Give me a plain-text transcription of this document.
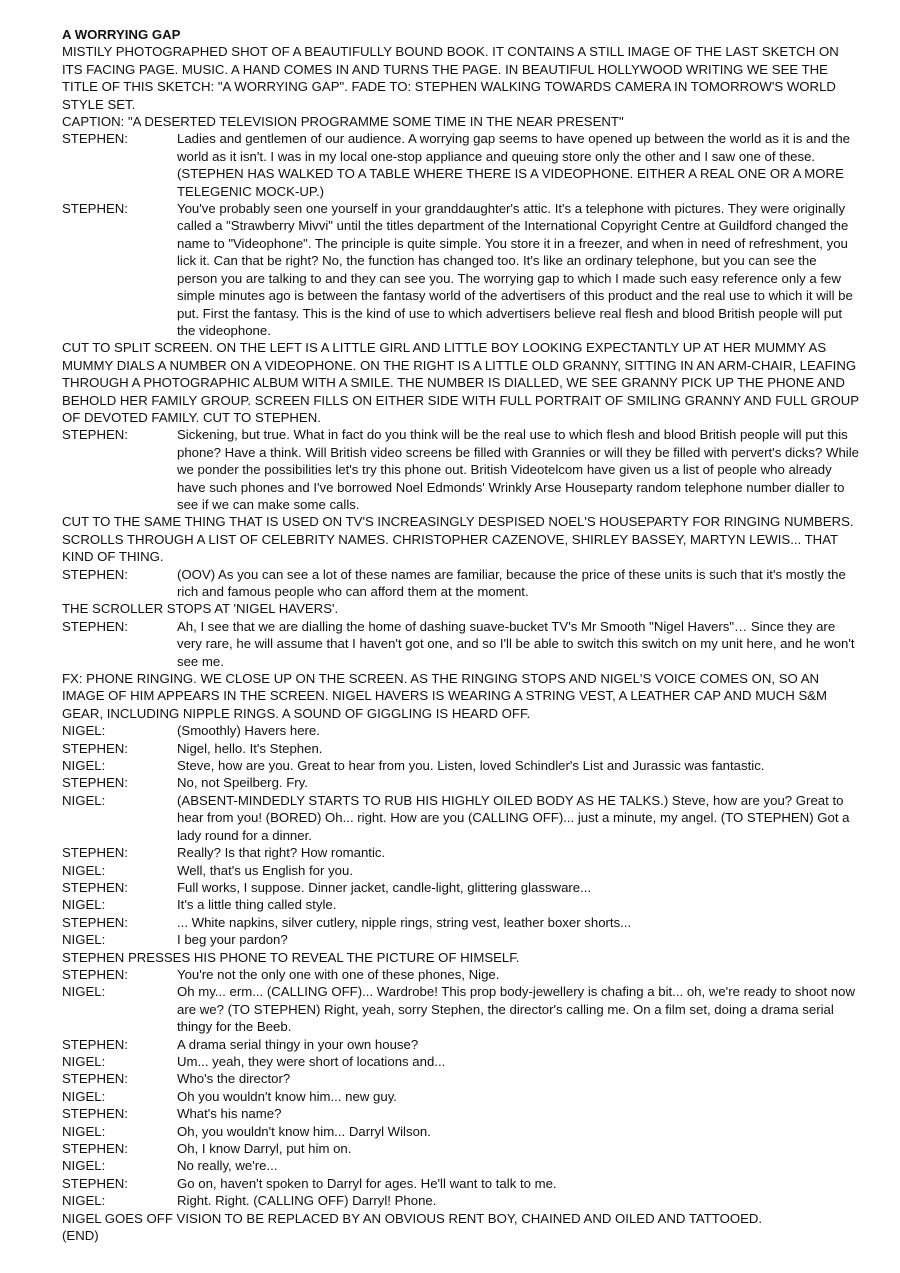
A WORRYING GAP
MISTILY PHOTOGRAPHED SHOT OF A BEAUTIFULLY BOUND BOOK. IT CONTAINS A STILL IMAGE OF THE LAST SKETCH ON ITS FACING PAGE. MUSIC. A HAND COMES IN AND TURNS THE PAGE. IN BEAUTIFUL HOLLYWOOD WRITING WE SEE THE TITLE OF THIS SKETCH: "A WORRYING GAP". FADE TO: STEPHEN WALKING TOWARDS CAMERA IN TOMORROW'S WORLD STYLE SET.
CAPTION: "A DESERTED TELEVISION PROGRAMME SOME TIME IN THE NEAR PRESENT"
STEPHEN:	Ladies and gentlemen of our audience. A worrying gap seems to have opened up between the world as it is and the world as it isn't. I was in my local one-stop appliance and queuing store only the other and I saw one of these. (STEPHEN HAS WALKED TO A TABLE WHERE THERE IS A VIDEOPHONE. EITHER A REAL ONE OR A MORE TELEGENIC MOCK-UP.)
STEPHEN:	You've probably seen one yourself in your granddaughter's attic. It's a telephone with pictures. They were originally called a "Strawberry Mivvi" until the titles department of the International Copyright Centre at Guildford changed the name to "Videophone". The principle is quite simple. You store it in a freezer, and when in need of refreshment, you lick it. Can that be right? No, the function has changed too. It's like an ordinary telephone, but you can see the person you are talking to and they can see you. The worrying gap to which I made such easy reference only a few simple minutes ago is between the fantasy world of the advertisers of this product and the real use to which it will be put. First the fantasy. This is the kind of use to which advertisers believe real flesh and blood British people will put the videophone.
CUT TO SPLIT SCREEN. ON THE LEFT IS A LITTLE GIRL AND LITTLE BOY LOOKING EXPECTANTLY UP AT HER MUMMY AS MUMMY DIALS A NUMBER ON A VIDEOPHONE. ON THE RIGHT IS A LITTLE OLD GRANNY, SITTING IN AN ARM-CHAIR, LEAFING THROUGH A PHOTOGRAPHIC ALBUM WITH A SMILE. THE NUMBER IS DIALLED, WE SEE GRANNY PICK UP THE PHONE AND BEHOLD HER FAMILY GROUP. SCREEN FILLS ON EITHER SIDE WITH FULL PORTRAIT OF SMILING GRANNY AND FULL GROUP OF DEVOTED FAMILY. CUT TO STEPHEN.
STEPHEN:	Sickening, but true. What in fact do you think will be the real use to which flesh and blood British people will put this phone? Have a think. Will British video screens be filled with Grannies or will they be filled with pervert's dicks? While we ponder the possibilities let's try this phone out. British Videotelcom have given us a list of people who already have such phones and I've borrowed Noel Edmonds' Wrinkly Arse Houseparty random telephone number dialler to see if we can make some calls.
CUT TO THE SAME THING THAT IS USED ON TV'S INCREASINGLY DESPISED NOEL'S HOUSEPARTY FOR RINGING NUMBERS. SCROLLS THROUGH A LIST OF CELEBRITY NAMES. CHRISTOPHER CAZENOVE, SHIRLEY BASSEY, MARTYN LEWIS... THAT KIND OF THING.
STEPHEN:	(OOV) As you can see a lot of these names are familiar, because the price of these units is such that it's mostly the rich and famous people who can afford them at the moment.
THE SCROLLER STOPS AT 'NIGEL HAVERS'.
STEPHEN:	Ah, I see that we are dialling the home of dashing suave-bucket TV's Mr Smooth "Nigel Havers"… Since they are very rare, he will assume that I haven't got one, and so I'll be able to switch this switch on my unit here, and he won't see me.
FX: PHONE RINGING. WE CLOSE UP ON THE SCREEN. AS THE RINGING STOPS AND NIGEL'S VOICE COMES ON, SO AN IMAGE OF HIM APPEARS IN THE SCREEN. NIGEL HAVERS IS WEARING A STRING VEST, A LEATHER CAP AND MUCH S&M GEAR, INCLUDING NIPPLE RINGS. A SOUND OF GIGGLING IS HEARD OFF.
NIGEL:	(Smoothly) Havers here.
STEPHEN:	Nigel, hello. It's Stephen.
NIGEL:	Steve, how are you. Great to hear from you. Listen, loved Schindler's List and Jurassic was fantastic.
STEPHEN:	No, not Speilberg. Fry.
NIGEL:	(ABSENT-MINDEDLY STARTS TO RUB HIS HIGHLY OILED BODY AS HE TALKS.) Steve, how are you? Great to hear from you! (BORED) Oh... right. How are you (CALLING OFF)... just a minute, my angel. (TO STEPHEN) Got a lady round for a dinner.
STEPHEN:	Really? Is that right? How romantic.
NIGEL:	Well, that's us English for you.
STEPHEN:	Full works, I suppose. Dinner jacket, candle-light, glittering glassware...
NIGEL:	It's a little thing called style.
STEPHEN:	... White napkins, silver cutlery, nipple rings, string vest, leather boxer shorts...
NIGEL:	I beg your pardon?
STEPHEN PRESSES HIS PHONE TO REVEAL THE PICTURE OF HIMSELF.
STEPHEN:	You're not the only one with one of these phones, Nige.
NIGEL:	Oh my... erm... (CALLING OFF)... Wardrobe! This prop body-jewellery is chafing a bit... oh, we're ready to shoot now are we? (TO STEPHEN) Right, yeah, sorry Stephen, the director's calling me. On a film set, doing a drama serial thingy for the Beeb.
STEPHEN:	A drama serial thingy in your own house?
NIGEL:	Um... yeah, they were short of locations and...
STEPHEN:	Who's the director?
NIGEL:	Oh you wouldn't know him... new guy.
STEPHEN:	What's his name?
NIGEL:	Oh, you wouldn't know him... Darryl Wilson.
STEPHEN:	Oh, I know Darryl, put him on.
NIGEL:	No really, we're...
STEPHEN:	Go on, haven't spoken to Darryl for ages. He'll want to talk to me.
NIGEL:	Right. Right. (CALLING OFF) Darryl! Phone.
NIGEL GOES OFF VISION TO BE REPLACED BY AN OBVIOUS RENT BOY, CHAINED AND OILED AND TATTOOED.
(END)
